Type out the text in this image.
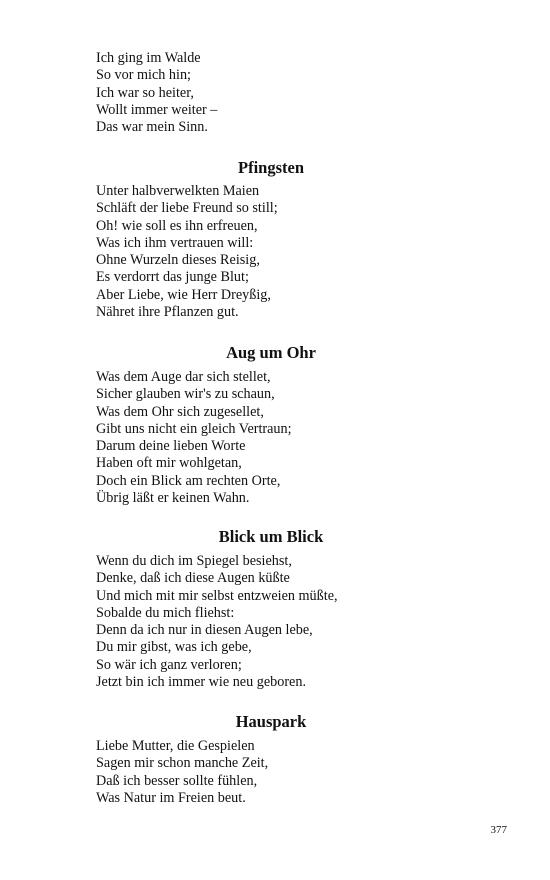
Ich ging im Walde
So vor mich hin;
Ich war so heiter,
Wollt immer weiter –
Das war mein Sinn.
Pfingsten
Unter halbverwelkten Maien
Schläft der liebe Freund so still;
Oh! wie soll es ihn erfreuen,
Was ich ihm vertrauen will:
Ohne Wurzeln dieses Reisig,
Es verdorrt das junge Blut;
Aber Liebe, wie Herr Dreyßig,
Nähret ihre Pflanzen gut.
Aug um Ohr
Was dem Auge dar sich stellet,
Sicher glauben wir's zu schaun,
Was dem Ohr sich zugesellet,
Gibt uns nicht ein gleich Vertraun;
Darum deine lieben Worte
Haben oft mir wohlgetan,
Doch ein Blick am rechten Orte,
Übrig läßt er keinen Wahn.
Blick um Blick
Wenn du dich im Spiegel besiehst,
Denke, daß ich diese Augen küßte
Und mich mit mir selbst entzweien müßte,
Sobalde du mich fliehst:
Denn da ich nur in diesen Augen lebe,
Du mir gibst, was ich gebe,
So wär ich ganz verloren;
Jetzt bin ich immer wie neu geboren.
Hauspark
Liebe Mutter, die Gespielen
Sagen mir schon manche Zeit,
Daß ich besser sollte fühlen,
Was Natur im Freien beut.
377
